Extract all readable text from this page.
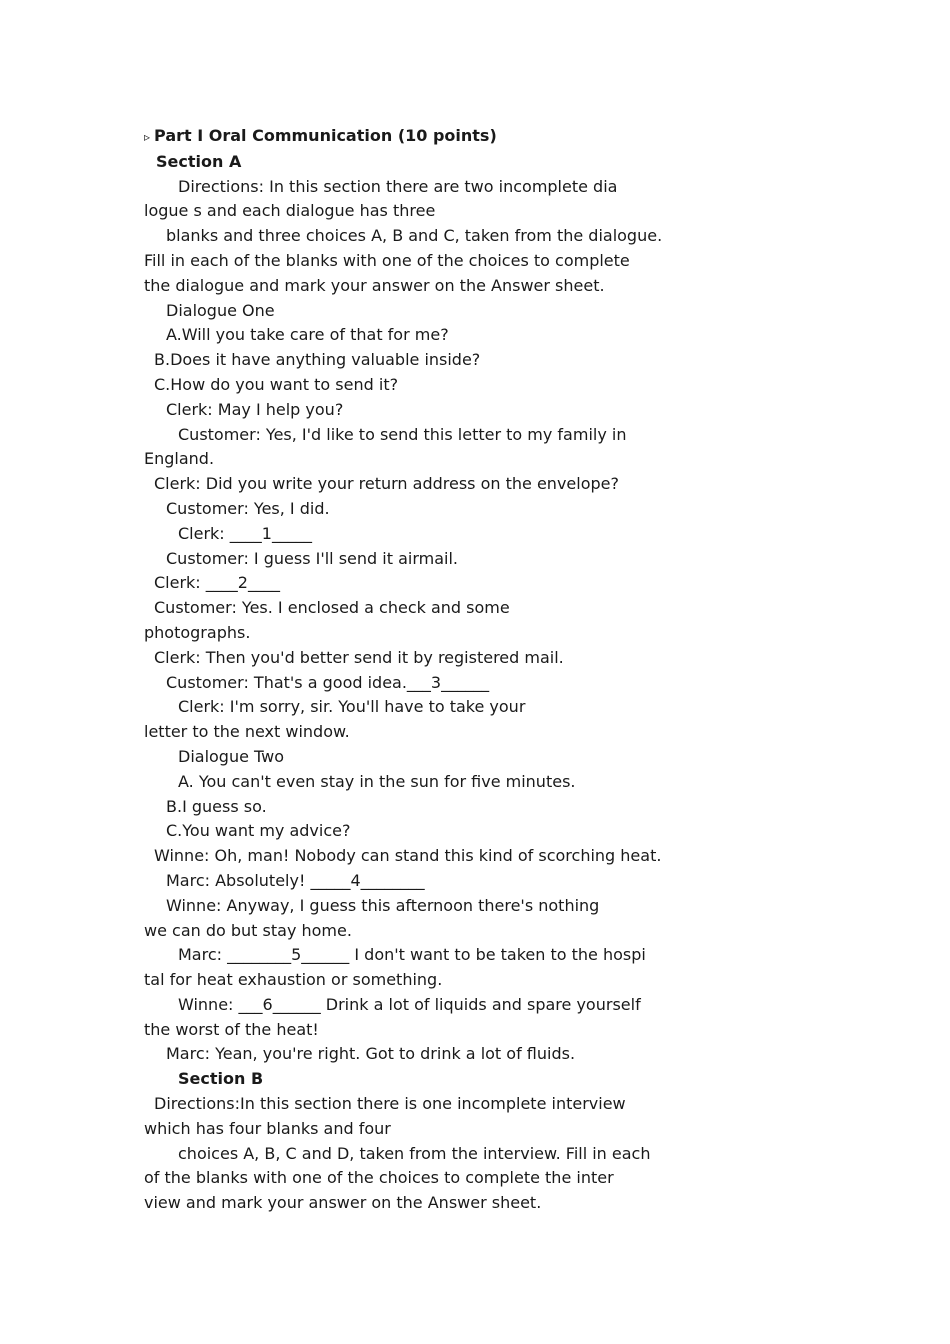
▹ Part I Oral Communication (10 points)
Section A
Directions: In this section there are two incomplete dia
logue s and each dialogue has three
blanks and three choices A, B and C, taken from the dialogue.
Fill in each of the blanks with one of the choices to complete
the dialogue and mark your answer on the Answer sheet.
Dialogue One
A.Will you take care of that for me?
B.Does it have anything valuable inside?
C.How do you want to send it?
Clerk: May I help you?
Customer: Yes, I'd like to send this letter to my family in
England.
Clerk: Did you write your return address on the envelope?
Customer: Yes, I did.
Clerk: ____1_____
Customer: I guess I'll send it airmail.
Clerk: ____2____
Customer: Yes. I enclosed a check and some
photographs.
Clerk: Then you'd better send it by registered mail.
Customer: That's a good idea.___3______
Clerk: I'm sorry, sir. You'll have to take your
letter to the next window.
Dialogue Two
A. You can't even stay in the sun for five minutes.
B.I guess so.
C.You want my advice?
Winne: Oh, man! Nobody can stand this kind of scorching heat.
Marc: Absolutely! _____4________
Winne: Anyway, I guess this afternoon there's nothing
we can do but stay home.
Marc: ________5______ I don't want to be taken to the hospi
tal for heat exhaustion or something.
Winne: ___6______ Drink a lot of liquids and spare yourself
the worst of the heat!
Marc: Yean, you're right. Got to drink a lot of fluids.
Section B
Directions:In this section there is one incomplete interview
which has four blanks and four
choices A, B, C and D, taken from the interview. Fill in each
of the blanks with one of the choices to complete the inter
view and mark your answer on the Answer sheet.
